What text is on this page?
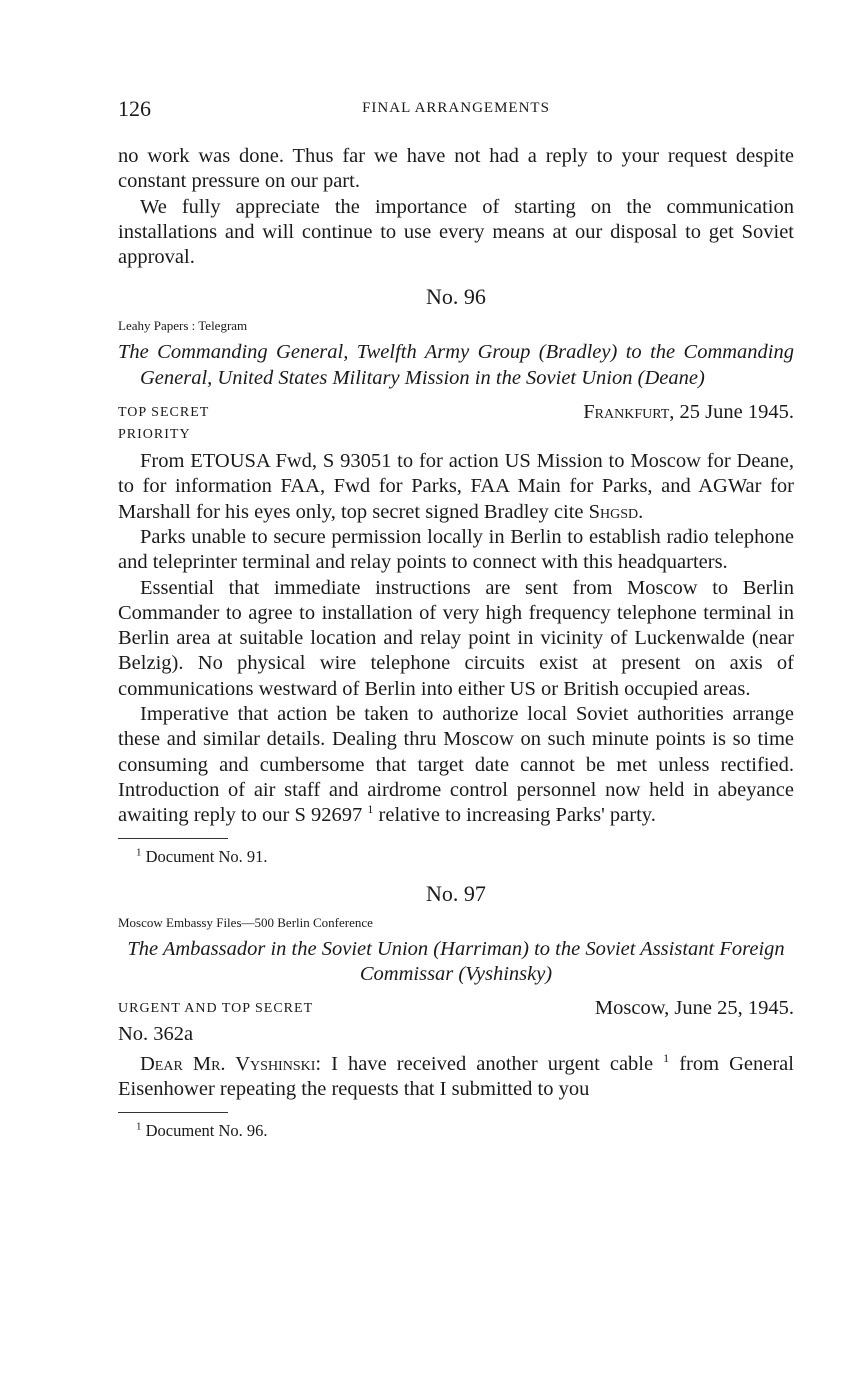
126	FINAL ARRANGEMENTS

no work was done. Thus far we have not had a reply to your request despite constant pressure on our part.

We fully appreciate the importance of starting on the communication installations and will continue to use every means at our disposal to get Soviet approval.

No. 96
Leahy Papers : Telegram

The Commanding General, Twelfth Army Group (Bradley) to the Commanding General, United States Military Mission in the Soviet Union (Deane)

TOP SECRET	Frankfurt, 25 June 1945.
PRIORITY

From ETOUSA Fwd, S 93051 to for action US Mission to Moscow for Deane, to for information FAA, Fwd for Parks, FAA Main for Parks, and AGWar for Marshall for his eyes only, top secret signed Bradley cite Shgsd.

Parks unable to secure permission locally in Berlin to establish radio telephone and teleprinter terminal and relay points to connect with this headquarters.

Essential that immediate instructions are sent from Moscow to Berlin Commander to agree to installation of very high frequency telephone terminal in Berlin area at suitable location and relay point in vicinity of Luckenwalde (near Belzig). No physical wire telephone circuits exist at present on axis of communications westward of Berlin into either US or British occupied areas.

Imperative that action be taken to authorize local Soviet authorities arrange these and similar details. Dealing thru Moscow on such minute points is so time consuming and cumbersome that target date cannot be met unless rectified. Introduction of air staff and airdrome control personnel now held in abeyance awaiting reply to our S 92697 $^1$ relative to increasing Parks' party.

$^1$ Document No. 91.
No. 97
Moscow Embassy Files—500 Berlin Conference

The Ambassador in the Soviet Union (Harriman) to the Soviet Assistant Foreign Commissar (Vyshinsky)

URGENT AND TOP SECRET	Moscow, June 25, 1945.
No. 362a

Dear Mr. Vyshinski: I have received another urgent cable $^1$ from General Eisenhower repeating the requests that I submitted to you

$^1$ Document No. 96.
